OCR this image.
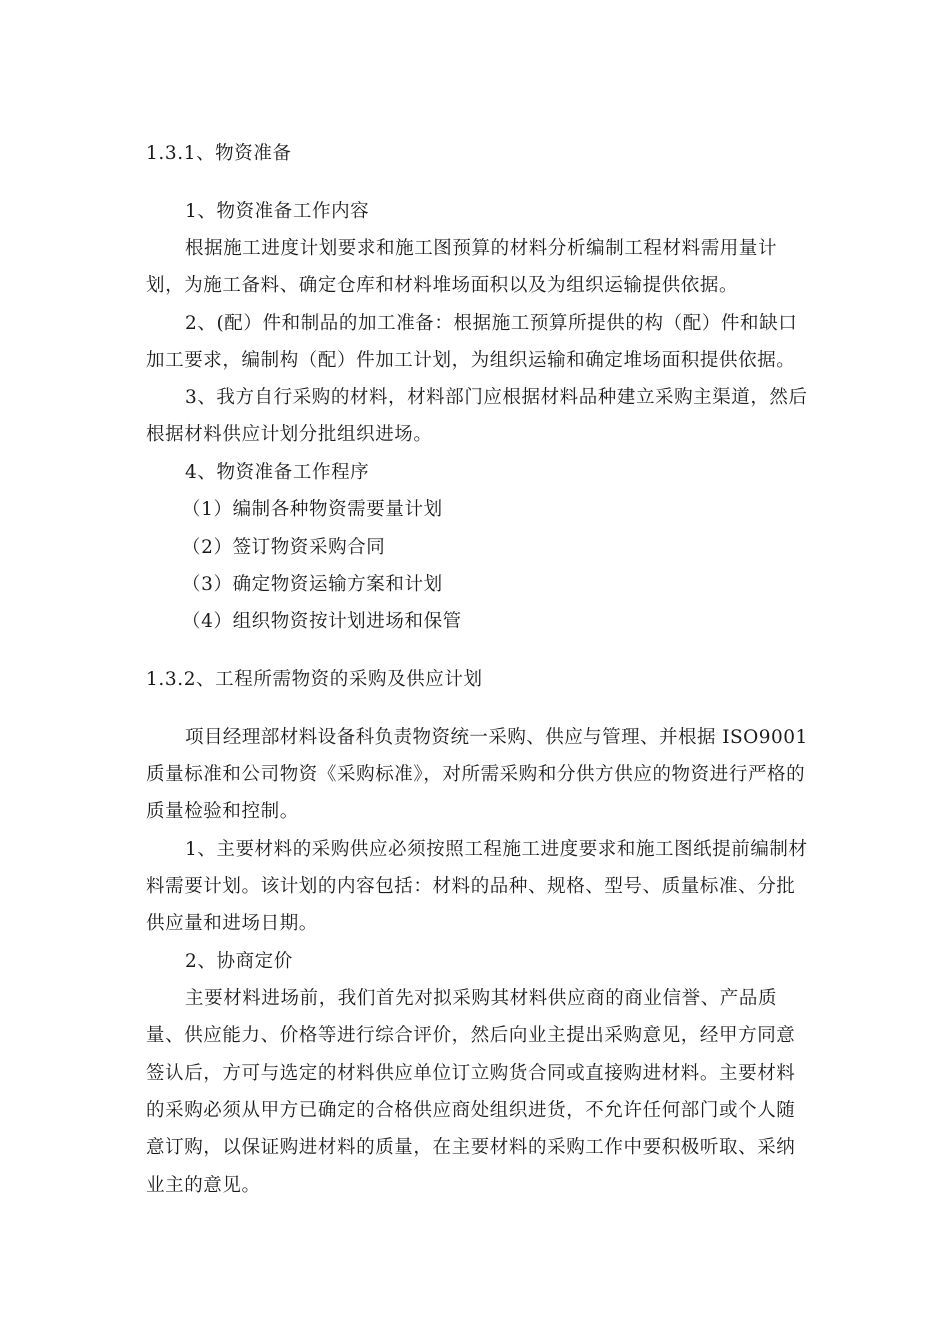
1.3.1、物资准备
1、物资准备工作内容
根据施工进度计划要求和施工图预算的材料分析编制工程材料需用量计
划，为施工备料、确定仓库和材料堆场面积以及为组织运输提供依据。
2、(配）件和制品的加工准备：根据施工预算所提供的构（配）件和缺口
加工要求，编制构（配）件加工计划，为组织运输和确定堆场面积提供依据。
3、我方自行采购的材料，材料部门应根据材料品种建立采购主渠道，然后
根据材料供应计划分批组织进场。
4、物资准备工作程序
（1）编制各种物资需要量计划
（2）签订物资采购合同
（3）确定物资运输方案和计划
（4）组织物资按计划进场和保管
1.3.2、工程所需物资的采购及供应计划
项目经理部材料设备科负责物资统一采购、供应与管理、并根据 ISO9001
质量标准和公司物资《采购标准》，对所需采购和分供方供应的物资进行严格的
质量检验和控制。
1、主要材料的采购供应必须按照工程施工进度要求和施工图纸提前编制材
料需要计划。该计划的内容包括：材料的品种、规格、型号、质量标准、分批
供应量和进场日期。
2、协商定价
主要材料进场前，我们首先对拟采购其材料供应商的商业信誉、产品质
量、供应能力、价格等进行综合评价，然后向业主提出采购意见，经甲方同意
签认后，方可与选定的材料供应单位订立购货合同或直接购进材料。主要材料
的采购必须从甲方已确定的合格供应商处组织进货，不允许任何部门或个人随
意订购，以保证购进材料的质量，在主要材料的采购工作中要积极听取、采纳
业主的意见。
